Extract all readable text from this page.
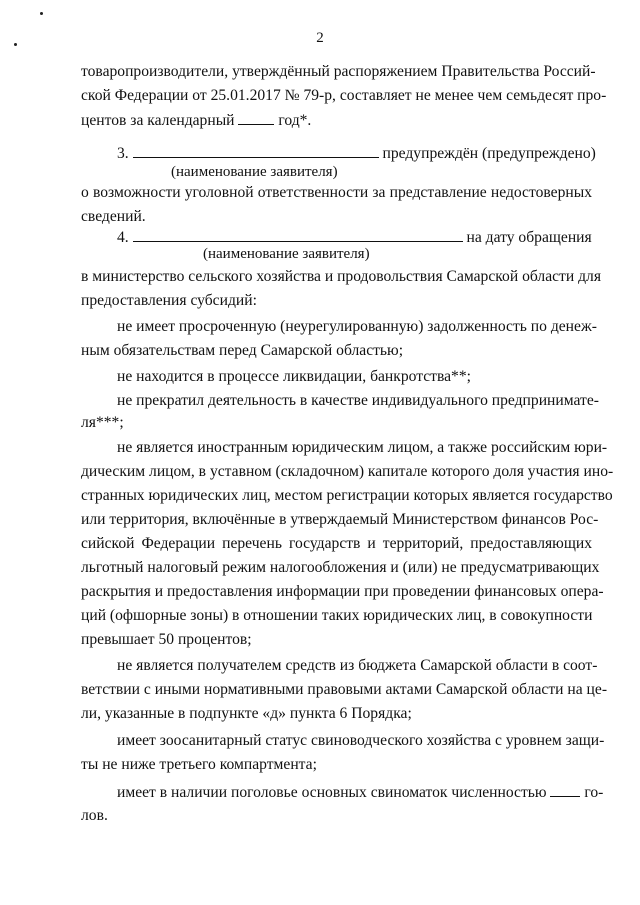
2
товаропроизводители, утверждённый распоряжением Правительства Россий-
ской Федерации от 25.01.2017 № 79-р, составляет не менее чем семьдесят про-
центов за календарный	год*.
3.	предупреждён (предупреждено)
(наименование заявителя)
о возможности уголовной ответственности за представление недостоверных
сведений.
4.	на дату обращения
(наименование заявителя)
в министерство сельского хозяйства и продовольствия Самарской области для
предоставления субсидий:
не имеет просроченную (неурегулированную) задолженность по денеж-
ным обязательствам перед Самарской областью;
не находится в процессе ликвидации, банкротства**;
не прекратил деятельность в качестве индивидуального предпринимате-
ля***;
не является иностранным юридическим лицом, а также российским юри-
дическим лицом, в уставном (складочном) капитале которого доля участия ино-
странных юридических лиц, местом регистрации которых является государство
или территория, включённые в утверждаемый Министерством финансов Рос-
сийской Федерации перечень государств и территорий, предоставляющих
льготный налоговый режим налогообложения и (или) не предусматривающих
раскрытия и предоставления информации при проведении финансовых опера-
ций (офшорные зоны) в отношении таких юридических лиц, в совокупности
превышает 50 процентов;
не является получателем средств из бюджета Самарской области в соот-
ветствии с иными нормативными правовыми актами Самарской области на це-
ли, указанные в подпункте «д» пункта 6 Порядка;
имеет зоосанитарный статус свиноводческого хозяйства с уровнем защи-
ты не ниже третьего компартмента;
имеет в наличии поголовье основных свиноматок численностью го-
лов.
